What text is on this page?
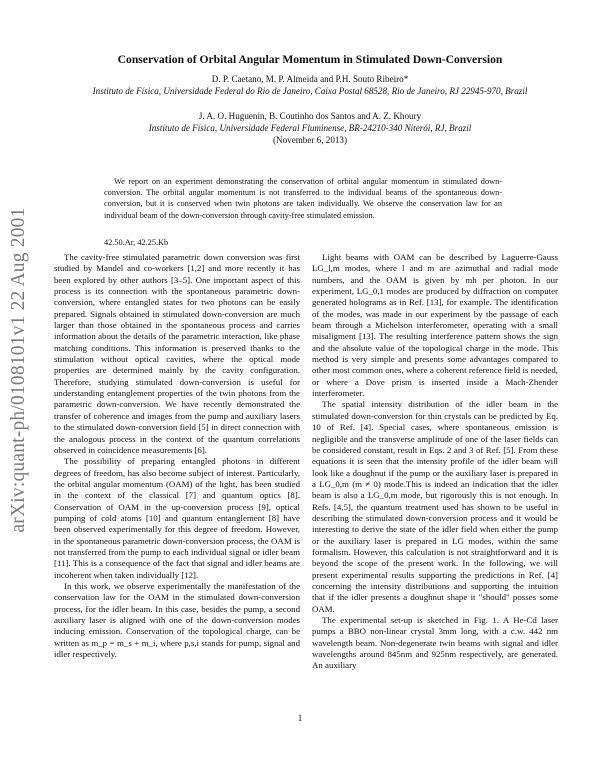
arXiv:quant-ph/0108101v1 22 Aug 2001
Conservation of Orbital Angular Momentum in Stimulated Down-Conversion
D. P. Caetano, M. P. Almeida and P.H. Souto Ribeiro*
Instituto de Física, Universidade Federal do Rio de Janeiro, Caixa Postal 68528, Rio de Janeiro, RJ 22945-970, Brazil
J. A. O. Huguenin, B. Coutinho dos Santos and A. Z. Khoury
Instituto de Física, Universidade Federal Fluminense, BR-24210-340 Niterói, RJ, Brazil
(November 6, 2013)
We report on an experiment demonstrating the conservation of orbital angular momentum in stimulated down-conversion. The orbital angular momentum is not transferred to the individual beams of the spontaneous down-conversion, but it is conserved when twin photons are taken individually. We observe the conservation law for an individual beam of the down-conversion through cavity-free stimulated emission.
42.50.Ar, 42.25.Kb

The cavity-free stimulated parametric down conversion was first studied by Mandel and co-workers [1,2] and more recently it has been explored by other authors [3–5]. One important aspect of this process is its connection with the spontaneous parametric down-conversion, where entangled states for two photons can be easily prepared. Signals obtained in stimulated down-conversion are much larger than those obtained in the spontaneous process and carries information about the details of the parametric interaction, like phase matching conditions. This information is preserved thanks to the stimulation without optical cavities, where the optical mode properties are determined mainly by the cavity configuration. Therefore, studying stimulated down-conversion is useful for understanding entanglement properties of the twin photons from the parametric down-conversion. We have recently demonstrated the transfer of coherence and images from the pump and auxiliary lasers to the stimulated down-conversion field [5] in direct connection with the analogous process in the context of the quantum correlations observed in coincidence measurements [6].

The possibility of preparing entangled photons in different degrees of freedom, has also become subject of interest. Particularly, the orbital angular momentum (OAM) of the light, has been studied in the context of the classical [7] and quantum optics [8]. Conservation of OAM in the up-conversion process [9], optical pumping of cold atoms [10] and quantum entanglement [8] have been observed experimentally for this degree of freedom. However, in the spontaneous parametric down-conversion process, the OAM is not transferred from the pump to each individual signal or idler beam [11]. This is a consequence of the fact that signal and idler beams are incoherent when taken individually [12].

In this work, we observe experimentally the manifestation of the conservation law for the OAM in the stimulated down-conversion process, for the idler beam. In this case, besides the pump, a second auxiliary laser is aligned with one of the down-conversion modes inducing emission. Conservation of the topological charge, can be written as m_p = m_s + m_i, where p,s,i stands for pump, signal and idler respectively.

Light beams with OAM can be described by Laguerre-Gauss LG_l,m modes, where l and m are azimuthal and radial mode numbers, and the OAM is given by mh per photon. In our experiment, LG_0,1 modes are produced by diffraction on computer generated holograms as in Ref. [13], for example. The identification of the modes, was made in our experiment by the passage of each beam through a Michelson interferometer, operating with a small misaligment [13]. The resulting interference pattern shows the sign and the absolute value of the topological charge in the mode. This method is very simple and presents some advantages compared to other most common ones, where a coherent reference field is needed, or where a Dove prism is inserted inside a Mach-Zhender interferometer.

The spatial intensity distribution of the idler beam in the stimulated down-conversion for thin crystals can be predicted by Eq. 10 of Ref. [4]. Special cases, where spontaneous emission is negligible and the transverse amplitude of one of the laser fields can be considered constant, result in Eqs. 2 and 3 of Ref. [5]. From these equations it is seen that the intensity profile of the idler beam will look like a doughnut if the pump or the auxiliary laser is prepared in a LG_0,m (m ≠ 0) mode.This is indeed an indication that the idler beam is also a LG_0,m mode, but rigorously this is not enough. In Refs. [4,5], the quantum treatment used has shown to be useful in describing the stimulated down-conversion process and it would be interesting to derive the state of the idler field when either the pump or the auxiliary laser is prepared in LG modes, within the same formalism. However, this calculation is not straightforward and it is beyond the scope of the present work. In the following, we will present experimental results supporting the predictions in Ref. [4] concerning the intensity distributions and supporting the intuition that if the idler presents a doughnut shape it "should" posses some OAM.

The experimental set-up is sketched in Fig. 1. A He-Cd laser pumps a BBO non-linear crystal 3mm long, with a c.w. 442 nm wavelength beam. Non-degenerate twin beams with signal and idler wavelengths around 845nm and 925nm respectively, are generated. An auxiliary

1
